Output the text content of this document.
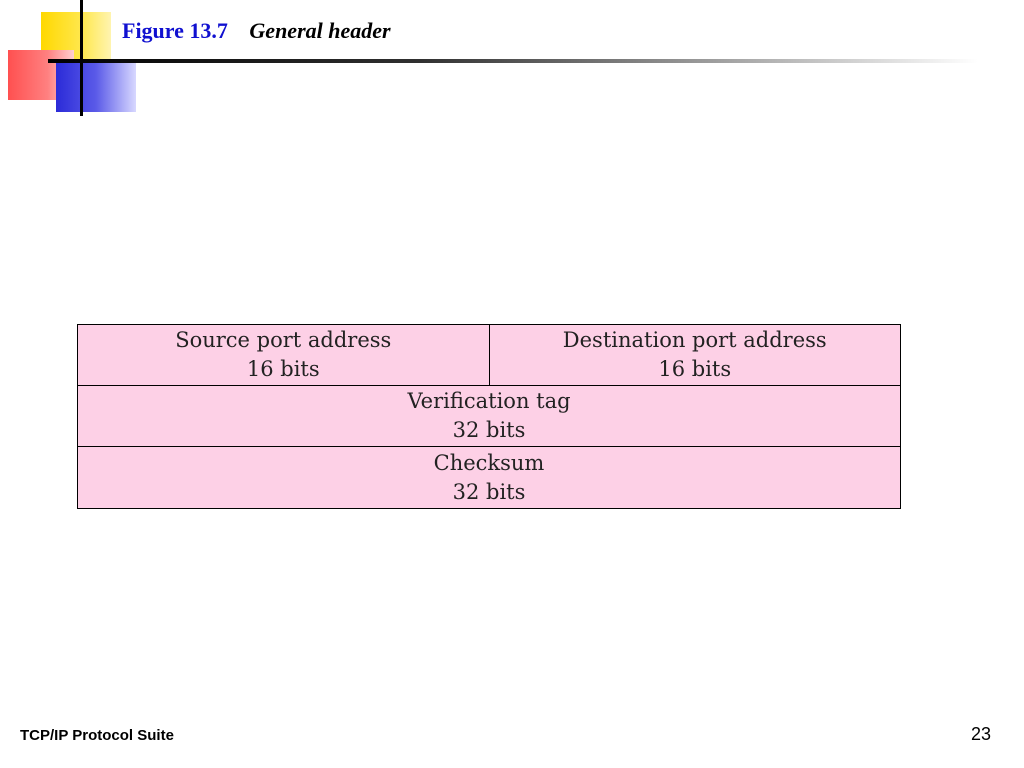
Figure 13.7 General header
Source port address
16 bits
Destination port address
16 bits
Verification tag
32 bits
Checksum
32 bits
TCP/IP Protocol Suite	23
